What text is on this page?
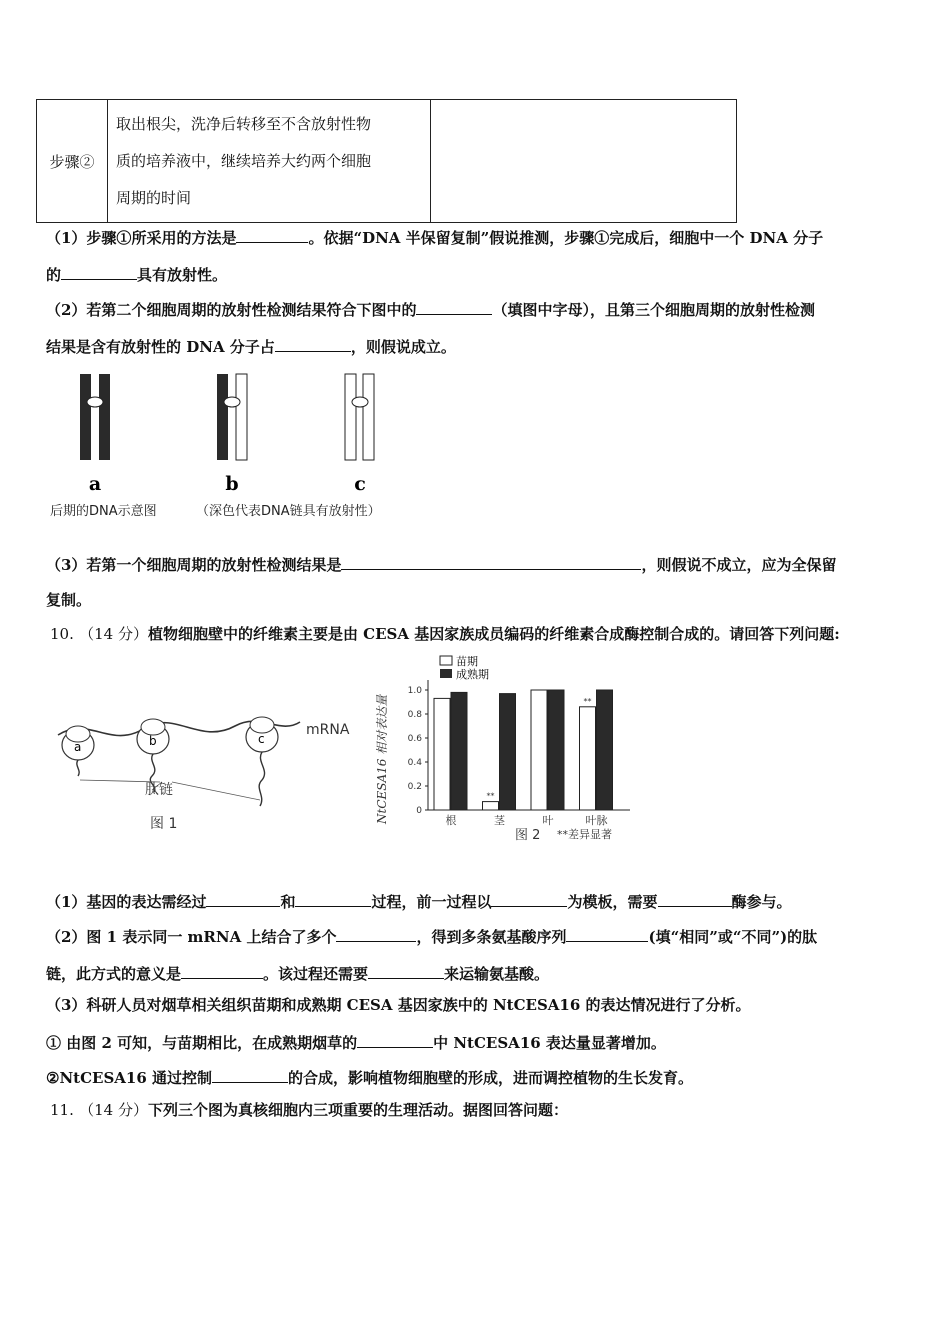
步骤②	
取出根尖，洗净后转移至不含放射性物
质的培养液中，继续培养大约两个细胞
周期的时间

（1）步骤①所采用的方法是	。依据“DNA 半保留复制”假说推测，步骤①完成后，细胞中一个 DNA 分子
的	具有放射性。
（2）若第二个细胞周期的放射性检测结果符合下图中的	（填图中字母），且第三个细胞周期的放射性检测
结果是含有放射性的 DNA 分子占	，则假说成立。
a	b	c
后期的DNA示意图	（深色代表DNA链具有放射性）
（3）若第一个细胞周期的放射性检测结果是	，则假说不成立，应为全保留
复制。
10. （14 分）植物细胞壁中的纤维素主要是由 CESA 基因家族成员编码的纤维素合成酶控制合成的。请回答下列问题:
a	b	c
mRNA
肽链
图 1
**
**
0
0.2
0.4
0.6
0.8
1.0
根	茎	叶	叶脉
苗期
成熟期
NtCESA16 相对表达量
图 2 **差异显著
（1）基因的表达需经过	和	过程，前一过程以	为模板，需要	酶参与。
（2）图 1 表示同一 mRNA 上结合了多个	，得到多条氨基酸序列	(填“相同”或“不同”)的肽
链，此方式的意义是	。该过程还需要	来运输氨基酸。
（3）科研人员对烟草相关组织苗期和成熟期 CESA 基因家族中的 NtCESA16 的表达情况进行了分析。
① 由图 2 可知，与苗期相比，在成熟期烟草的	中 NtCESA16 表达量显著增加。
②NtCESA16 通过控制	的合成，影响植物细胞壁的形成，进而调控植物的生长发育。
11. （14 分）下列三个图为真核细胞内三项重要的生理活动。据图回答问题：
